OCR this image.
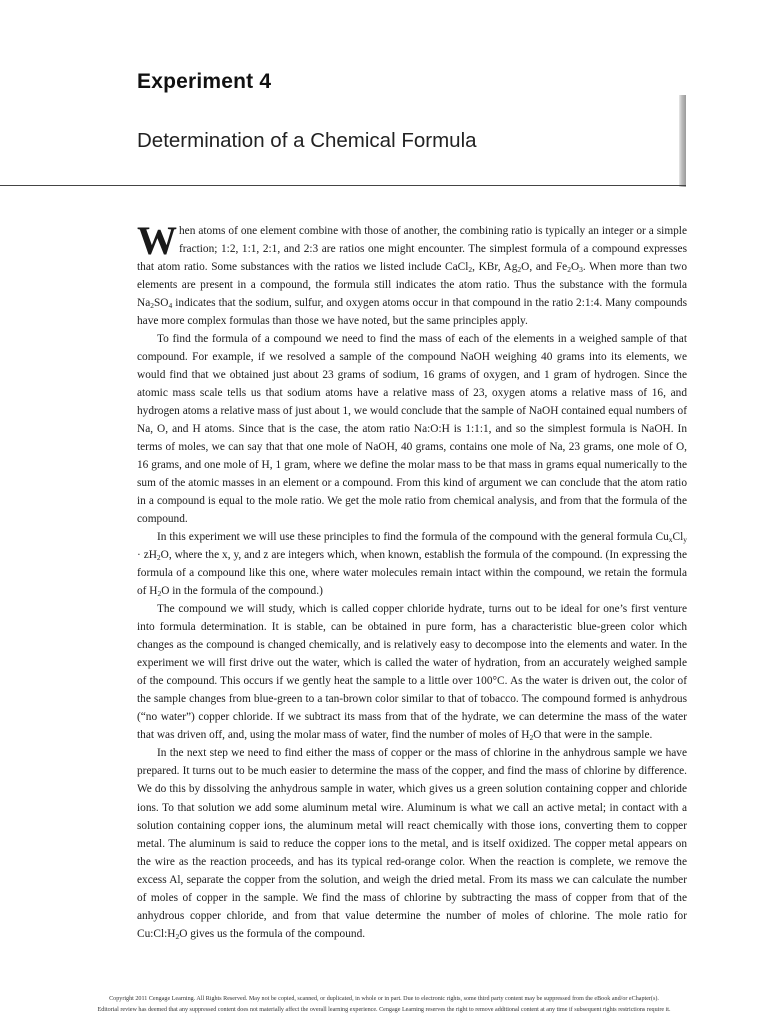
Experiment 4
Determination of a Chemical Formula

When atoms of one element combine with those of another, the combining ratio is typically an integer or a simple fraction; 1:2, 1:1, 2:1, and 2:3 are ratios one might encounter. The simplest formula of a compound expresses that atom ratio. Some substances with the ratios we listed include CaCl$_2$, KBr, $Ag_2O$, and $Fe_2O_3$. When more than two elements are present in a compound, the formula still indicates the atom ratio. Thus the substance with the formula $Na_2SO_4$ indicates that the sodium, sulfur, and oxygen atoms occur in that compound in the ratio 2:1:4. Many compounds have more complex formulas than those we have noted, but the same principles apply.

To find the formula of a compound we need to find the mass of each of the elements in a weighed sample of that compound. For example, if we resolved a sample of the compound NaOH weighing 40 grams into its elements, we would find that we obtained just about 23 grams of sodium, 16 grams of oxygen, and 1 gram of hydrogen. Since the atomic mass scale tells us that sodium atoms have a relative mass of 23, oxygen atoms a relative mass of 16, and hydrogen atoms a relative mass of just about 1, we would conclude that the sample of NaOH contained equal numbers of Na, O, and H atoms. Since that is the case, the atom ratio Na:O:H is 1:1:1, and so the simplest formula is NaOH. In terms of moles, we can say that that one mole of NaOH, 40 grams, contains one mole of Na, 23 grams, one mole of O, 16 grams, and one mole of H, 1 gram, where we define the molar mass to be that mass in grams equal numerically to the sum of the atomic masses in an element or a compound. From this kind of argument we can conclude that the atom ratio in a compound is equal to the mole ratio. We get the mole ratio from chemical analysis, and from that the formula of the compound.

In this experiment we will use these principles to find the formula of the compound with the general formula $Cu_xCl_y \cdot zH_2O$, where the x, y, and z are integers which, when known, establish the formula of the compound. (In expressing the formula of a compound like this one, where water molecules remain intact within the compound, we retain the formula of $H_2O$ in the formula of the compound.)

The compound we will study, which is called copper chloride hydrate, turns out to be ideal for one’s first venture into formula determination. It is stable, can be obtained in pure form, has a characteristic blue-green color which changes as the compound is changed chemically, and is relatively easy to decompose into the elements and water. In the experiment we will first drive out the water, which is called the water of hydration, from an accurately weighed sample of the compound. This occurs if we gently heat the sample to a little over 100°C. As the water is driven out, the color of the sample changes from blue-green to a tan-brown color similar to that of tobacco. The compound formed is anhydrous (“no water”) copper chloride. If we subtract its mass from that of the hydrate, we can determine the mass of the water that was driven off, and, using the molar mass of water, find the number of moles of $H_2O$ that were in the sample.

In the next step we need to find either the mass of copper or the mass of chlorine in the anhydrous sample we have prepared. It turns out to be much easier to determine the mass of the copper, and find the mass of chlorine by difference. We do this by dissolving the anhydrous sample in water, which gives us a green solution containing copper and chloride ions. To that solution we add some aluminum metal wire. Aluminum is what we call an active metal; in contact with a solution containing copper ions, the aluminum metal will react chemically with those ions, converting them to copper metal. The aluminum is said to reduce the copper ions to the metal, and is itself oxidized. The copper metal appears on the wire as the reaction proceeds, and has its typical red-orange color. When the reaction is complete, we remove the excess Al, separate the copper from the solution, and weigh the dried metal. From its mass we can calculate the number of moles of copper in the sample. We find the mass of chlorine by subtracting the mass of copper from that of the anhydrous copper chloride, and from that value determine the number of moles of chlorine. The mole ratio for $Cu:Cl:H_2O$ gives us the formula of the compound.

Copyright 2011 Cengage Learning. All Rights Reserved. May not be copied, scanned, or duplicated, in whole or in part. Due to electronic rights, some third party content may be suppressed from the eBook and/or eChapter(s).
Editorial review has deemed that any suppressed content does not materially affect the overall learning experience. Cengage Learning reserves the right to remove additional content at any time if subsequent rights restrictions require it.
